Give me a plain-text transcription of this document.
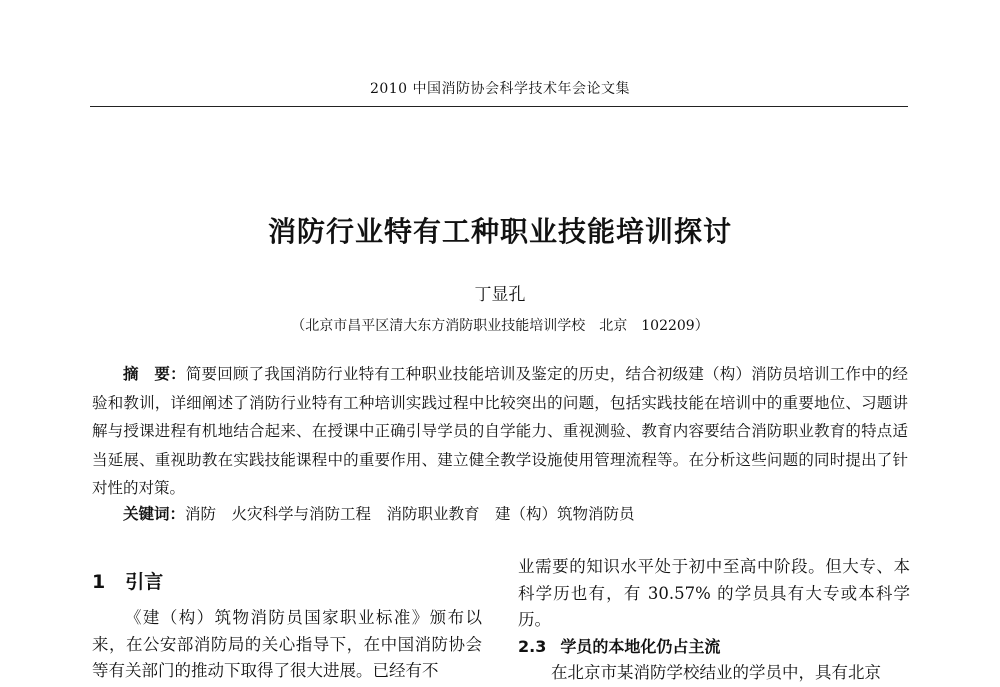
2010 中国消防协会科学技术年会论文集
消防行业特有工种职业技能培训探讨
丁显孔
（北京市昌平区清大东方消防职业技能培训学校　北京　102209）

摘　要：简要回顾了我国消防行业特有工种职业技能培训及鉴定的历史，结合初级建（构）消防员培训工作中的经验和教训，详细阐述了消防行业特有工种培训实践过程中比较突出的问题，包括实践技能在培训中的重要地位、习题讲解与授课进程有机地结合起来、在授课中正确引导学员的自学能力、重视测验、教育内容要结合消防职业教育的特点适当延展、重视助教在实践技能课程中的重要作用、建立健全教学设施使用管理流程等。在分析这些问题的同时提出了针对性的对策。

关键词：消防　火灾科学与消防工程　消防职业教育　建（构）筑物消防员
1 引言

《建（构）筑物消防员国家职业标准》颁布以来，在公安部消防局的关心指导下，在中国消防协会等有关部门的推动下取得了很大进展。已经有不

业需要的知识水平处于初中至高中阶段。但大专、本科学历也有，有 30.57% 的学员具有大专或本科学历。

2.3 学员的本地化仍占主流

在北京市某消防学校结业的学员中，具有北京
